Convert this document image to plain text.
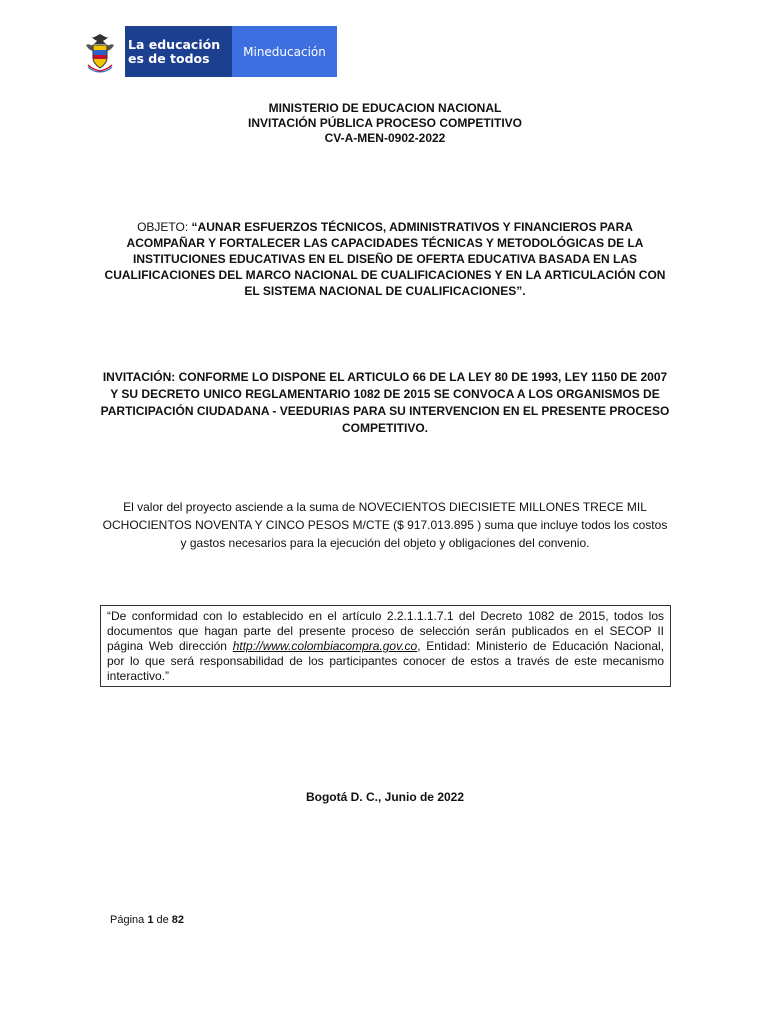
La educación
es de todos	Mineducación
MINISTERIO DE EDUCACION NACIONAL
INVITACIÓN PÚBLICA PROCESO COMPETITIVO
CV-A-MEN-0902-2022
OBJETO: “AUNAR ESFUERZOS TÉCNICOS, ADMINISTRATIVOS Y FINANCIEROS PARA ACOMPAÑAR Y FORTALECER LAS CAPACIDADES TÉCNICAS Y METODOLÓGICAS DE LA INSTITUCIONES EDUCATIVAS EN EL DISEÑO DE OFERTA EDUCATIVA BASADA EN LAS CUALIFICACIONES DEL MARCO NACIONAL DE CUALIFICACIONES Y EN LA ARTICULACIÓN CON EL SISTEMA NACIONAL DE CUALIFICACIONES”.
INVITACIÓN: CONFORME LO DISPONE EL ARTICULO 66 DE LA LEY 80 DE 1993, LEY 1150 DE 2007 Y SU DECRETO UNICO REGLAMENTARIO 1082 DE 2015 SE CONVOCA A LOS ORGANISMOS DE PARTICIPACIÓN CIUDADANA - VEEDURIAS PARA SU INTERVENCION EN EL PRESENTE PROCESO COMPETITIVO.
El valor del proyecto asciende a la suma de NOVECIENTOS DIECISIETE MILLONES TRECE MIL OCHOCIENTOS NOVENTA Y CINCO PESOS M/CTE ($ 917.013.895 ) suma que incluye todos los costos y gastos necesarios para la ejecución del objeto y obligaciones del convenio.
“De conformidad con lo establecido en el artículo 2.2.1.1.1.7.1 del Decreto 1082 de 2015, todos los documentos que hagan parte del presente proceso de selección serán publicados en el SECOP II página Web dirección http://www.colombiacompra.gov.co, Entidad: Ministerio de Educación Nacional, por lo que será responsabilidad de los participantes conocer de estos a través de este mecanismo interactivo.”
Bogotá D. C., Junio de 2022
Página 1 de 82
